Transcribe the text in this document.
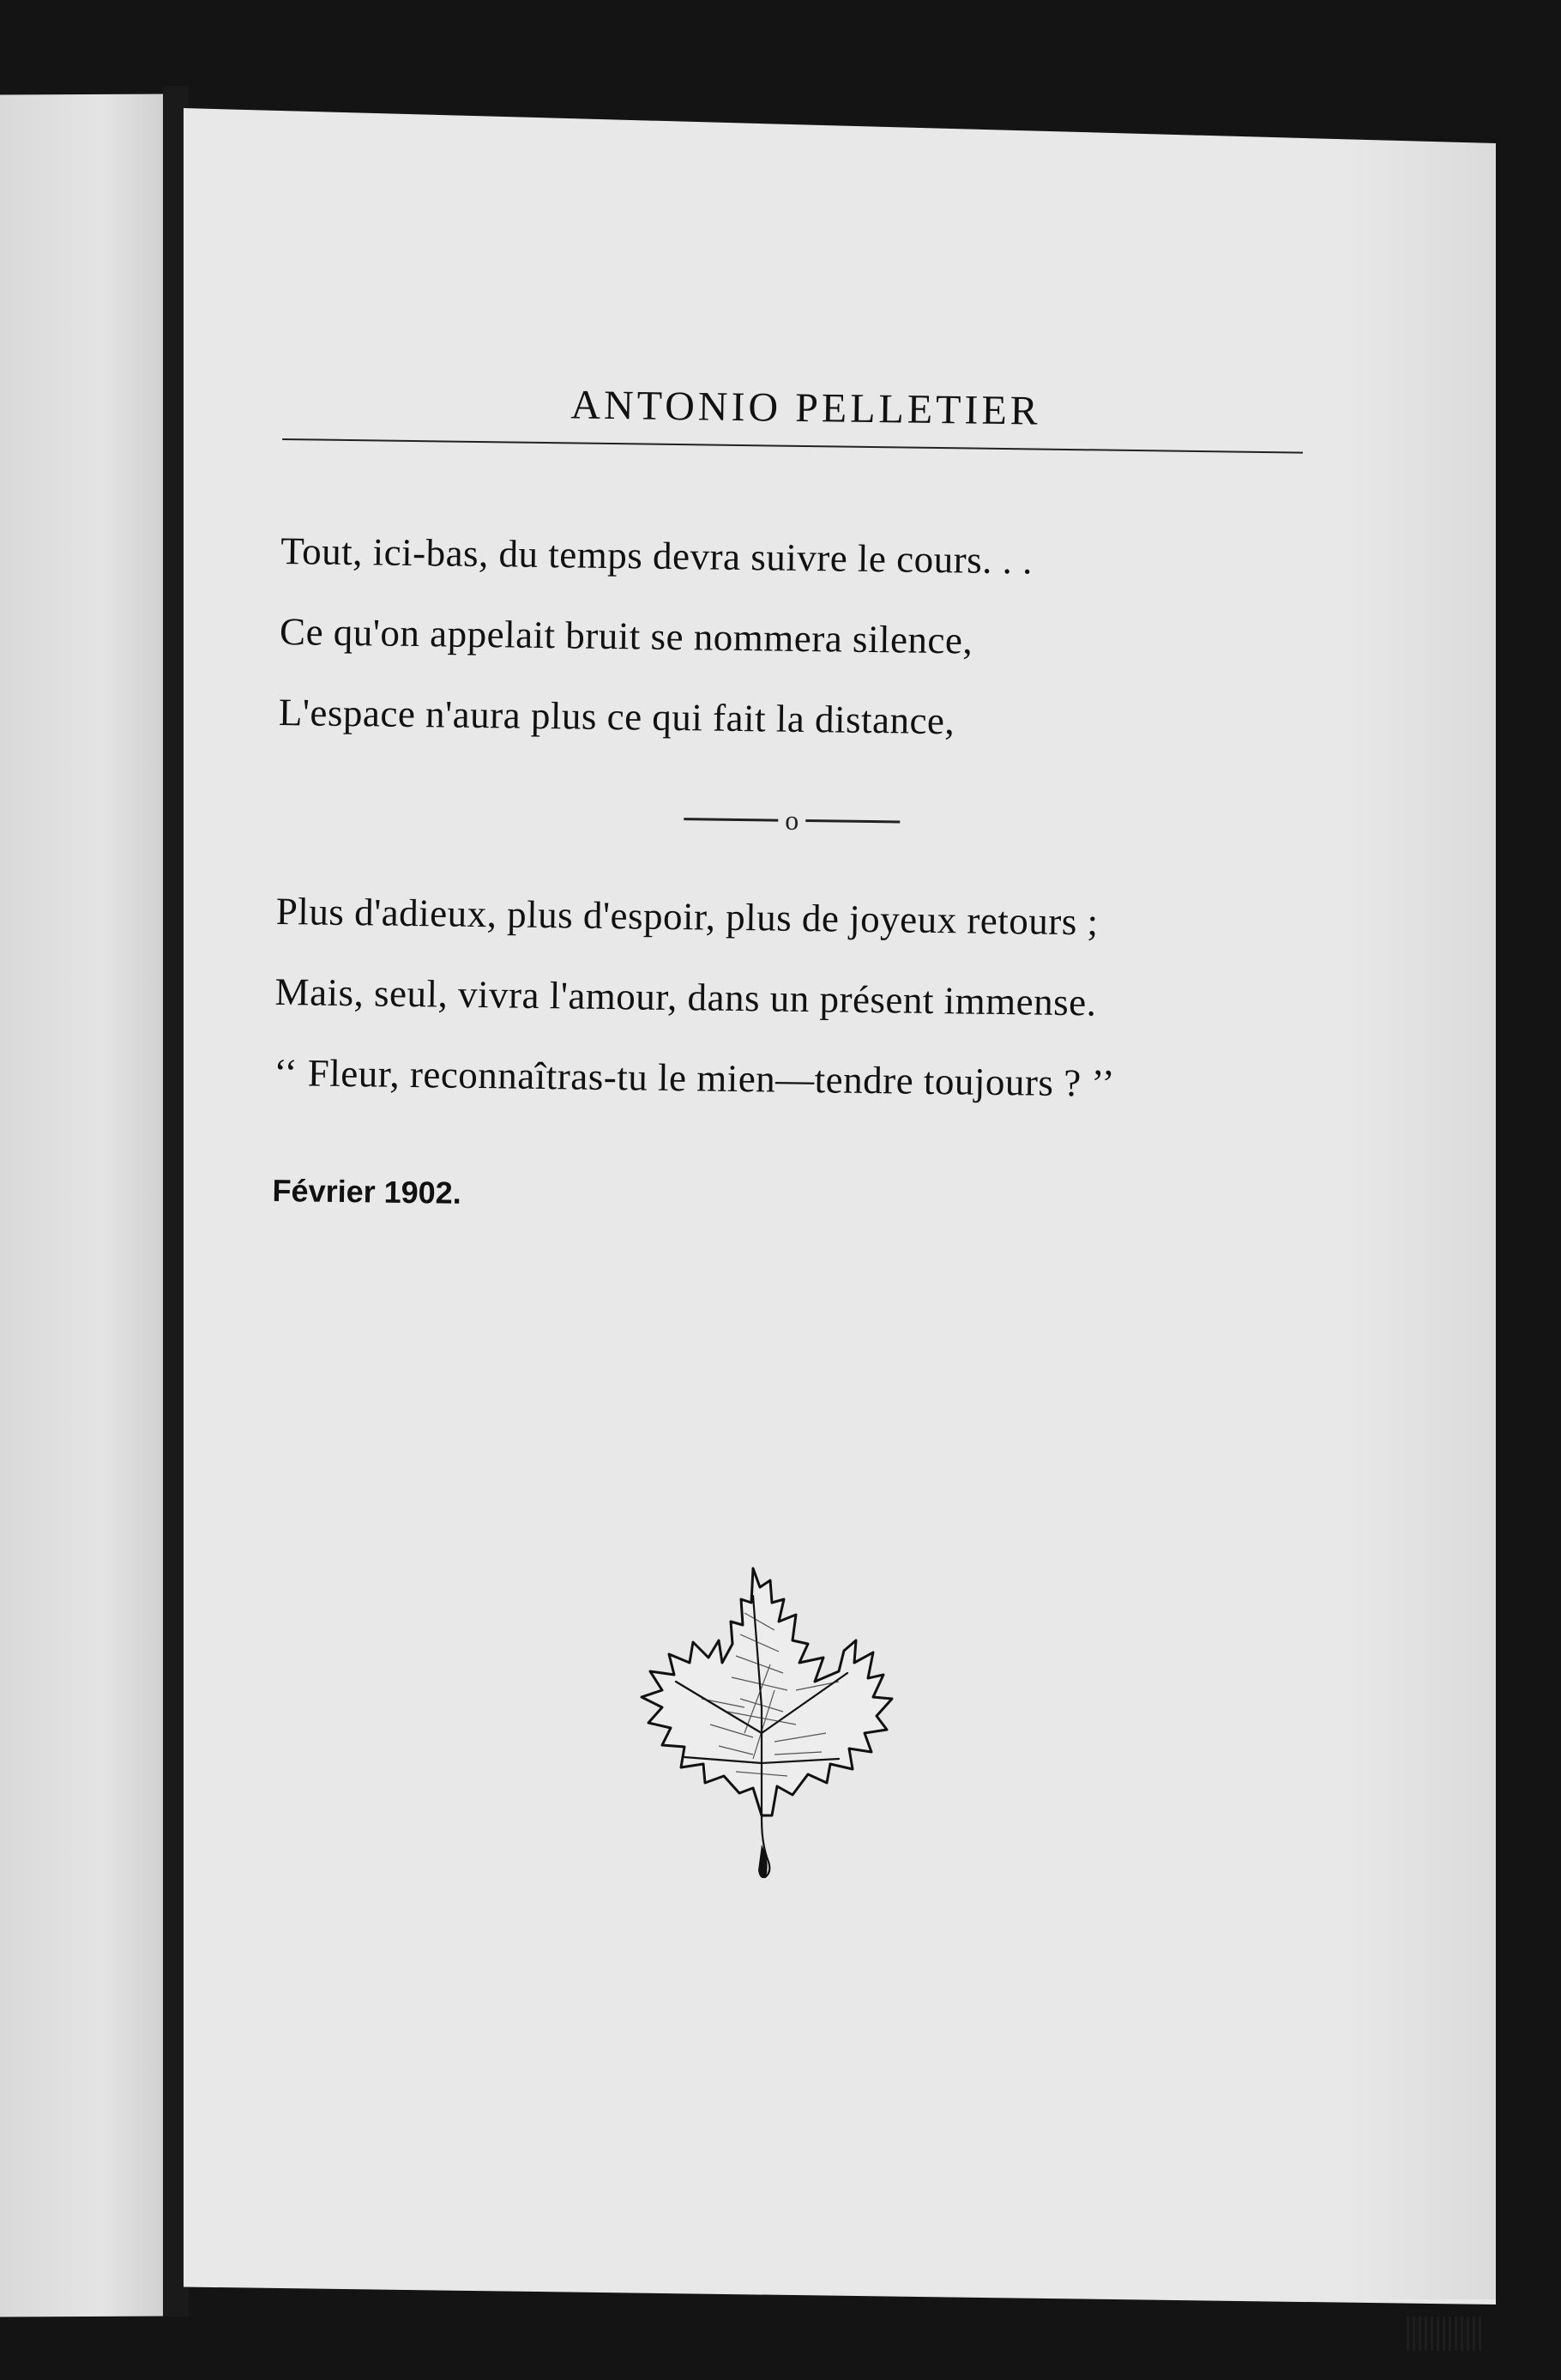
ANTONIO PELLETIER
Tout, ici-bas, du temps devra suivre le cours. . .
Ce qu'on appelait bruit se nommera silence,
L'espace n'aura plus ce qui fait la distance,
o
Plus d'adieux, plus d'espoir, plus de joyeux retours ;
Mais, seul, vivra l'amour, dans un présent immense.
‘‘ Fleur, reconnaîtras-tu le mien—tendre toujours ? ’’
Février 1902.
